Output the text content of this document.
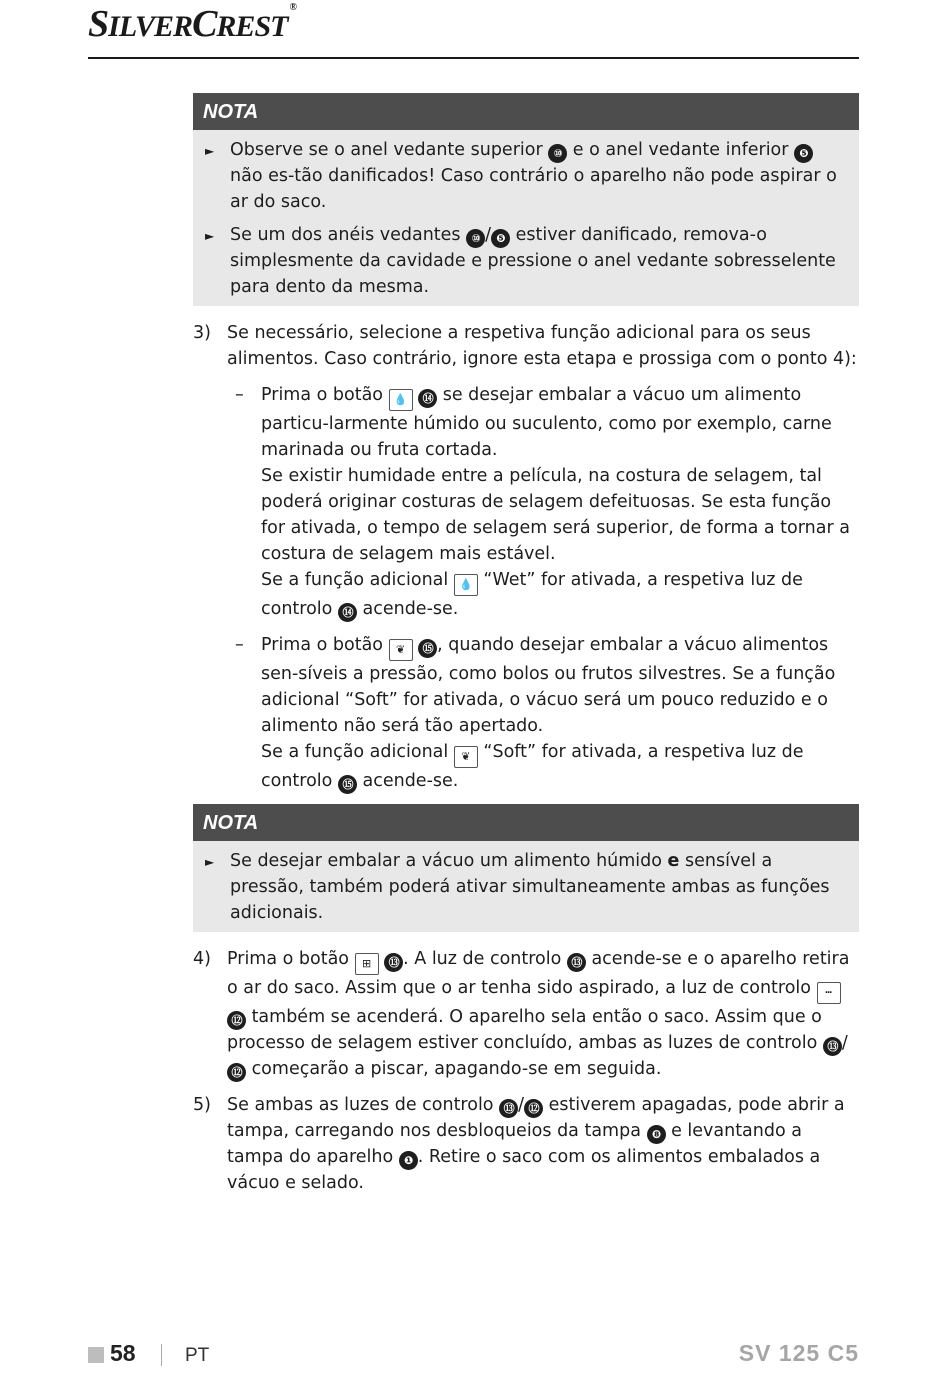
SILVERCREST®
NOTA
► Observe se o anel vedante superior ⑩ e o anel vedante inferior ❺ não es-tão danificados! Caso contrário o aparelho não pode aspirar o ar do saco.
► Se um dos anéis vedantes ⑩ / ❺ estiver danificado, remova-o simplesmente da cavidade e pressione o anel vedante sobresselente para dento da mesma.
3) Se necessário, selecione a respetiva função adicional para os seus alimentos. Caso contrário, ignore esta etapa e prossiga com o ponto 4):
– Prima o botão 💧 ⑭ se desejar embalar a vácuo um alimento particu-larmente húmido ou suculento, como por exemplo, carne marinada ou fruta cortada.
Se existir humidade entre a película, na costura de selagem, tal poderá originar costuras de selagem defeituosas. Se esta função for ativada, o tempo de selagem será superior, de forma a tornar a costura de selagem mais estável.
Se a função adicional 💧 “Wet” for ativada, a respetiva luz de controlo ⑭ acende-se.
– Prima o botão ❦ ⑮ , quando desejar embalar a vácuo alimentos sen-síveis a pressão, como bolos ou frutos silvestres. Se a função adicional “Soft” for ativada, o vácuo será um pouco reduzido e o alimento não será tão apertado.
Se a função adicional ❦ “Soft” for ativada, a respetiva luz de controlo ⑮ acende-se.
NOTA
► Se desejar embalar a vácuo um alimento húmido e sensível a pressão, também poderá ativar simultaneamente ambas as funções adicionais.
4) Prima o botão ⊞ ⑬ . A luz de controlo ⑬ acende-se e o aparelho retira o ar do saco. Assim que o ar tenha sido aspirado, a luz de controlo ┅ ⑫ também se acenderá. O aparelho sela então o saco. Assim que o processo de selagem estiver concluído, ambas as luzes de controlo ⑬ /⑫ começarão a piscar, apagando-se em seguida.
5) Se ambas as luzes de controlo ⑬ / ⑫ estiverem apagadas, pode abrir a tampa, carregando nos desbloqueios da tampa ❽ e levantando a tampa do aparelho ❶ . Retire o saco com os alimentos embalados a vácuo e selado.
58	PT	SV 125 C5
